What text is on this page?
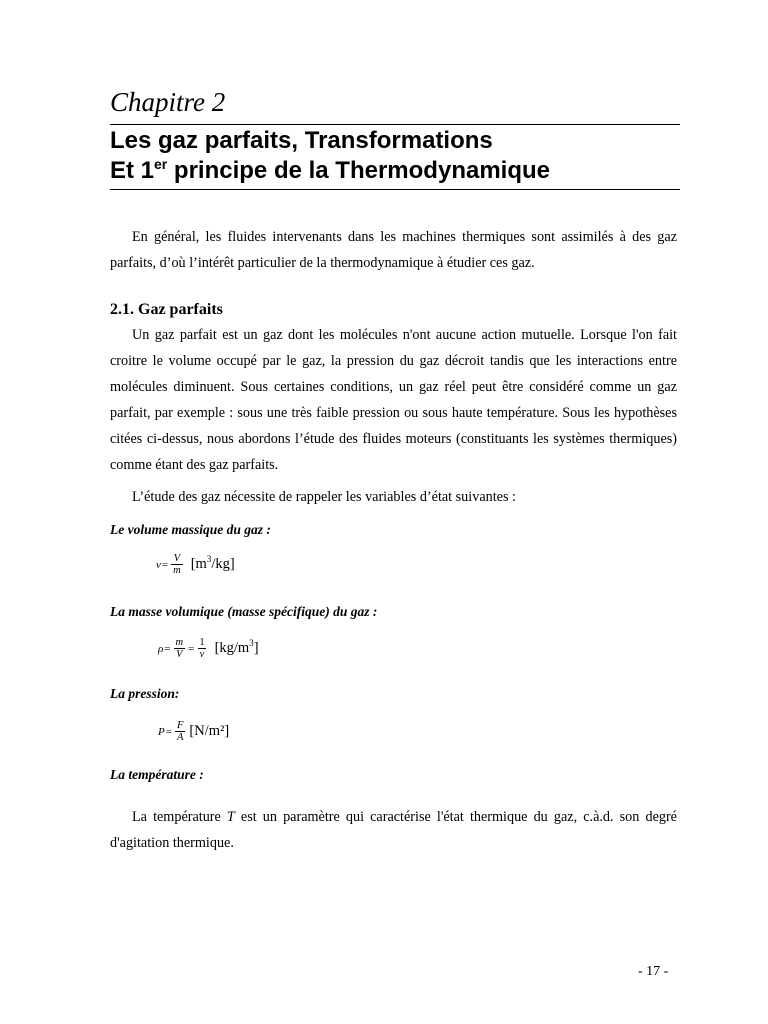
Chapitre 2
Les gaz parfaits, Transformations
Et 1er principe de la Thermodynamique

En général, les fluides intervenants dans les machines thermiques sont assimilés à des gaz parfaits, d’où l’intérêt particulier de la thermodynamique à étudier ces gaz.

2.1. Gaz parfaits

Un gaz parfait est un gaz dont les molécules n'ont aucune action mutuelle. Lorsque l'on fait croitre le volume occupé par le gaz, la pression du gaz décroit tandis que les interactions entre molécules diminuent. Sous certaines conditions, un gaz réel peut être considéré comme un gaz parfait, par exemple : sous une très faible pression ou sous haute température. Sous les hypothèses citées ci-dessus, nous abordons l’étude des fluides moteurs (constituants les systèmes thermiques) comme étant des gaz parfaits.

L’étude des gaz nécessite de rappeler les variables d’état suivantes :

Le volume massique du gaz :
$v = \frac{V}{m} [m^3/kg]$
La masse volumique (masse spécifique) du gaz :
$\rho = \frac{m}{V} = \frac{1}{v} [kg/m^3]$
La pression:
$P = \frac{F}{A} [N/m^2]$
La température :

La température T est un paramètre qui caractérise l'état thermique du gaz, c.à.d. son degré d'agitation thermique.

- 17 -
